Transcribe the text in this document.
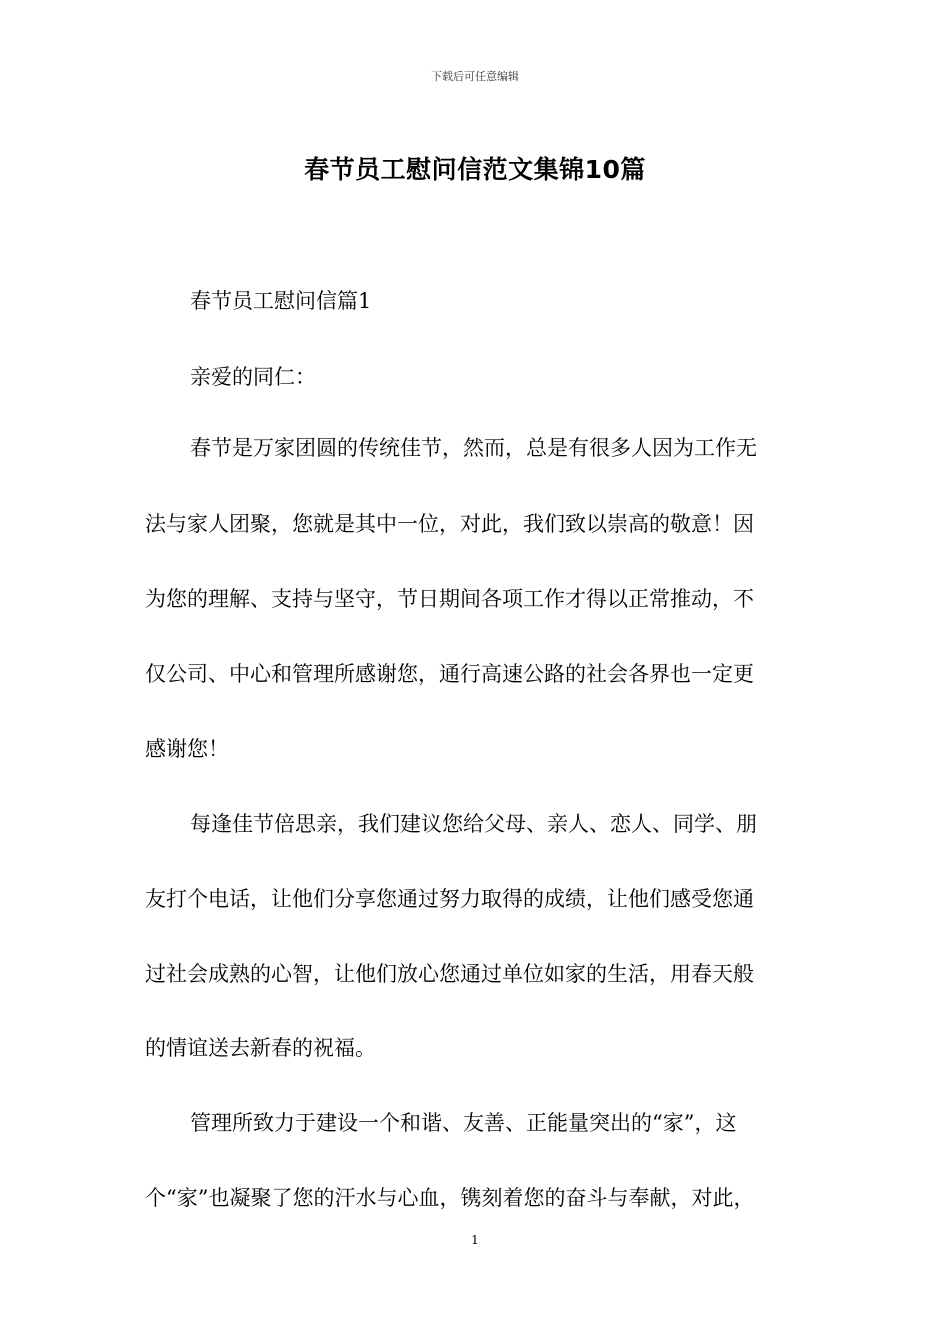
下载后可任意编辑
春节员工慰问信范文集锦10篇
春节员工慰问信篇1
亲爱的同仁：
春节是万家团圆的传统佳节，然而，总是有很多人因为工作无
法与家人团聚，您就是其中一位，对此，我们致以崇高的敬意！因
为您的理解、支持与坚守，节日期间各项工作才得以正常推动，不
仅公司、中心和管理所感谢您，通行高速公路的社会各界也一定更
感谢您！
每逢佳节倍思亲，我们建议您给父母、亲人、恋人、同学、朋
友打个电话，让他们分享您通过努力取得的成绩，让他们感受您通
过社会成熟的心智，让他们放心您通过单位如家的生活，用春天般
的情谊送去新春的祝福。
管理所致力于建设一个和谐、友善、正能量突出的“家”，这
个“家”也凝聚了您的汗水与心血，镌刻着您的奋斗与奉献，对此，
1
